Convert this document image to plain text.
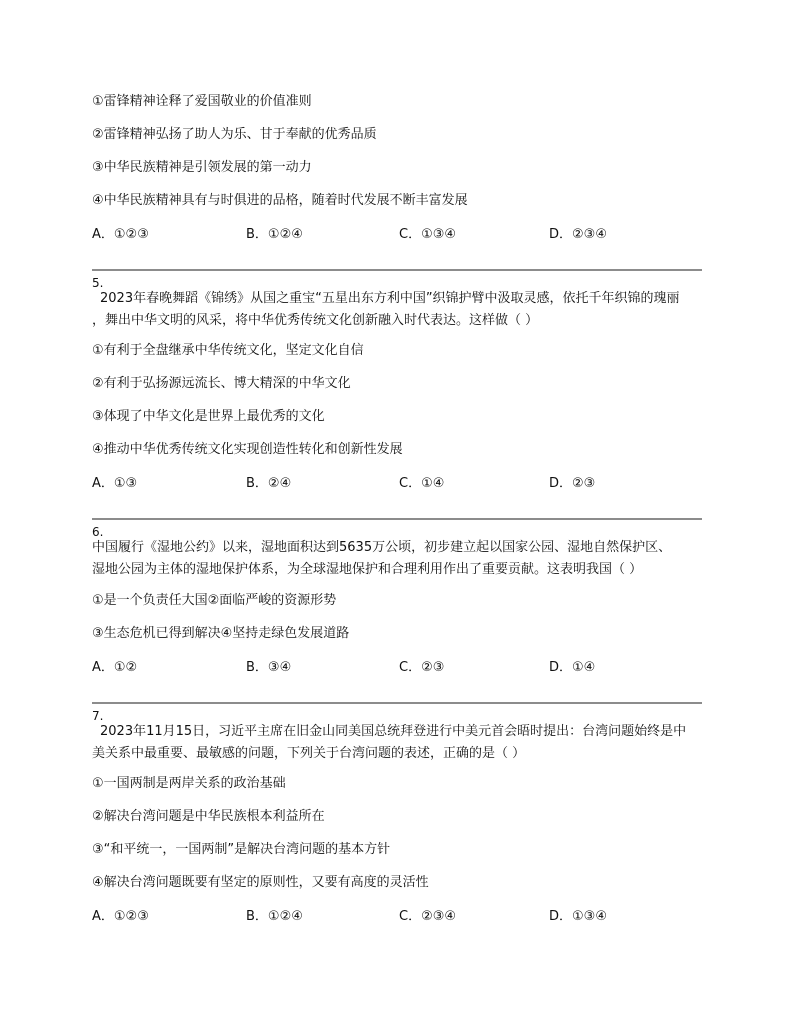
①雷锋精神诠释了爱国敬业的价值准则
②雷锋精神弘扬了助人为乐、甘于奉献的优秀品质
③中华民族精神是引领发展的第一动力
④中华民族精神具有与时俱进的品格，随着时代发展不断丰富发展
A．①②③	B．①②④	C．①③④	D．②③④
5.
2023年春晚舞蹈《锦绣》从国之重宝“五星出东方利中国”织锦护臂中汲取灵感，依托千年织锦的瑰丽
，舞出中华文明的风采，将中华优秀传统文化创新融入时代表达。这样做（ ）
①有利于全盘继承中华传统文化，坚定文化自信
②有利于弘扬源远流长、博大精深的中华文化
③体现了中华文化是世界上最优秀的文化
④推动中华优秀传统文化实现创造性转化和创新性发展
A．①③	B．②④	C．①④	D．②③
6.
中国履行《湿地公约》以来，湿地面积达到5635万公顷，初步建立起以国家公园、湿地自然保护区、
湿地公园为主体的湿地保护体系，为全球湿地保护和合理利用作出了重要贡献。这表明我国（ ）
①是一个负责任大国②面临严峻的资源形势
③生态危机已得到解决④坚持走绿色发展道路
A．①②	B．③④	C．②③	D．①④
7.
2023年11月15日，习近平主席在旧金山同美国总统拜登进行中美元首会晤时提出：台湾问题始终是中
美关系中最重要、最敏感的问题，下列关于台湾问题的表述，正确的是（ ）
①一国两制是两岸关系的政治基础
②解决台湾问题是中华民族根本利益所在
③“和平统一，一国两制”是解决台湾问题的基本方针
④解决台湾问题既要有坚定的原则性，又要有高度的灵活性
A．①②③	B．①②④	C．②③④	D．①③④
